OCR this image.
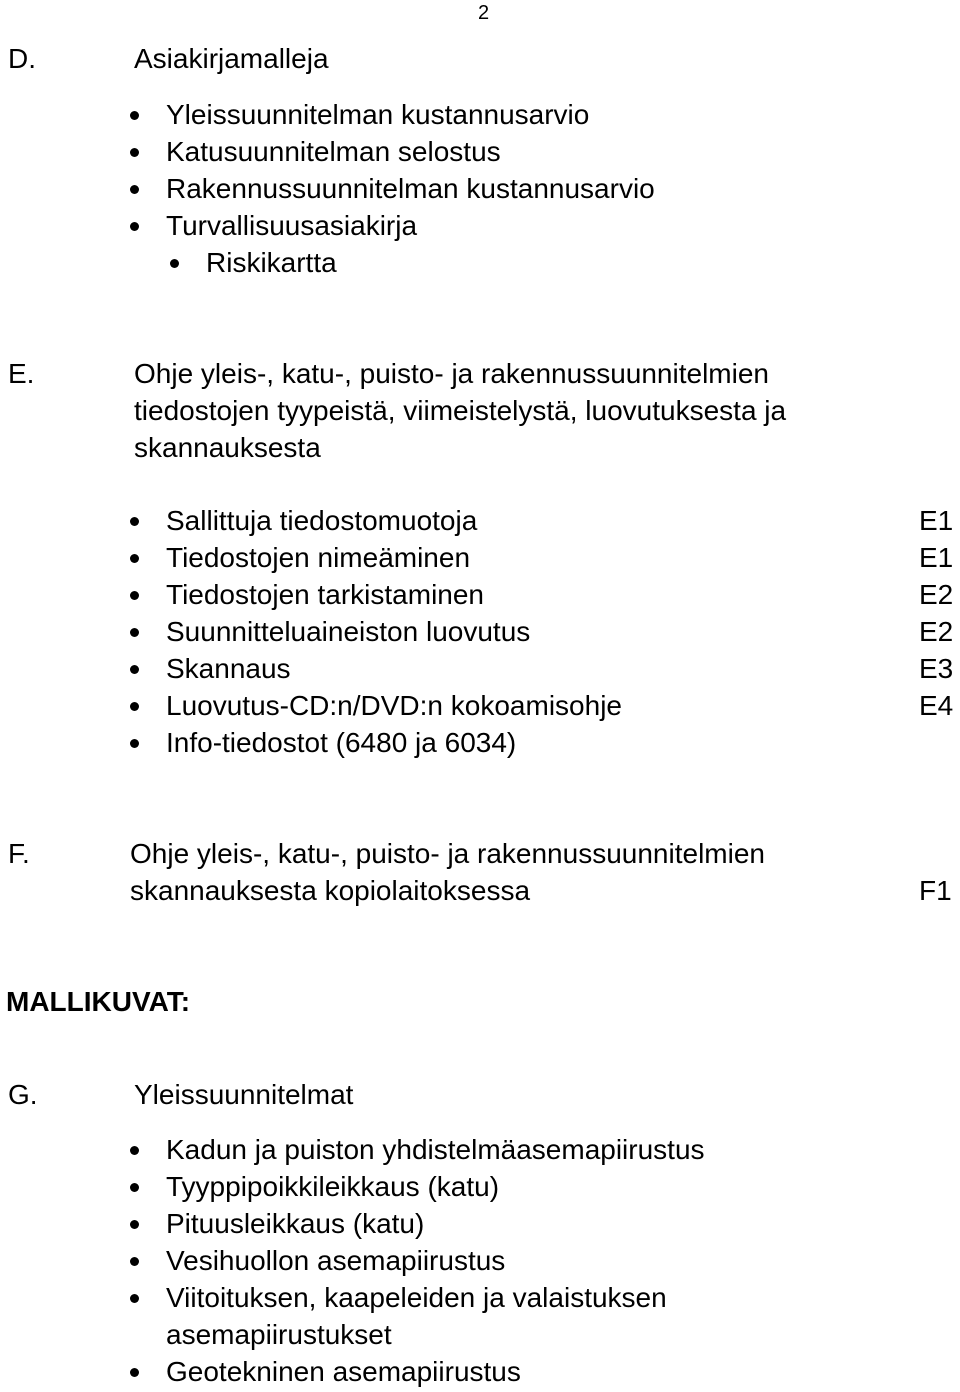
2
D.	Asiakirjamalleja
Yleissuunnitelman kustannusarvio
Katusuunnitelman selostus
Rakennussuunnitelman kustannusarvio
Turvallisuusasiakirja
Riskikartta
E.	Ohje yleis-, katu-, puisto- ja rakennussuunnitelmien
tiedostojen tyypeistä, viimeistelystä, luovutuksesta ja
skannauksesta
Sallittuja tiedostomuotoja	E1
Tiedostojen nimeäminen	E1
Tiedostojen tarkistaminen	E2
Suunnitteluaineiston luovutus	E2
Skannaus	E3
Luovutus-CD:n/DVD:n kokoamisohje	E4
Info-tiedostot (6480 ja 6034)
F.	Ohje yleis-, katu-, puisto- ja rakennussuunnitelmien
skannauksesta kopiolaitoksessa	F1
MALLIKUVAT:
G.	Yleissuunnitelmat
Kadun ja puiston yhdistelmäasemapiirustus
Tyyppipoikkileikkaus (katu)
Pituusleikkaus (katu)
Vesihuollon asemapiirustus
Viitoituksen, kaapeleiden ja valaistuksen
asemapiirustukset
Geotekninen asemapiirustus
